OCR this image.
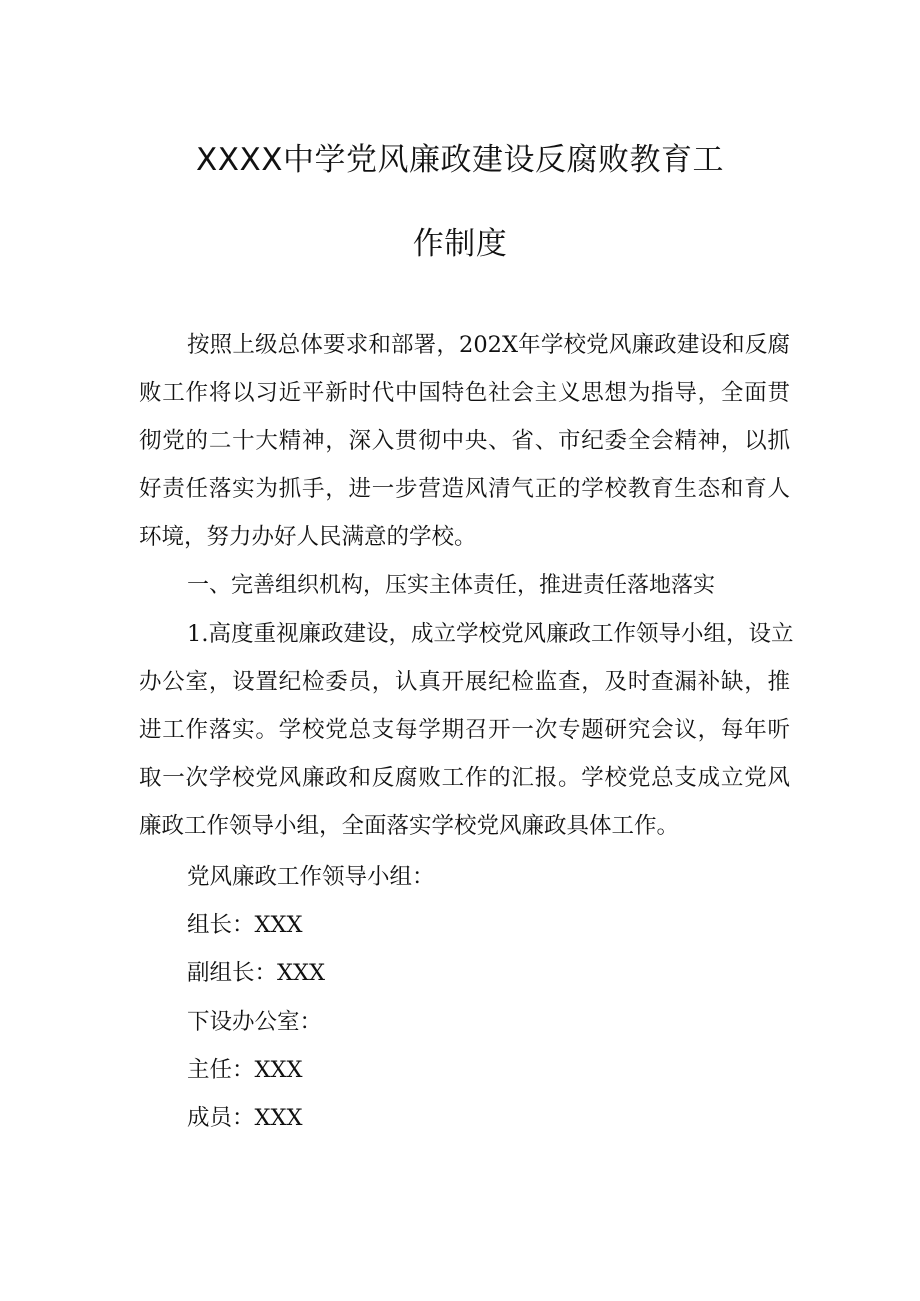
XXXX中学党风廉政建设反腐败教育工
作制度
按照上级总体要求和部署，202X年学校党风廉政建设和反腐
败工作将以习近平新时代中国特色社会主义思想为指导，全面贯
彻党的二十大精神，深入贯彻中央、省、市纪委全会精神，以抓
好责任落实为抓手，进一步营造风清气正的学校教育生态和育人
环境，努力办好人民满意的学校。
一、完善组织机构，压实主体责任，推进责任落地落实
1.高度重视廉政建设，成立学校党风廉政工作领导小组，设立
办公室，设置纪检委员，认真开展纪检监查，及时查漏补缺，推
进工作落实。学校党总支每学期召开一次专题研究会议，每年听
取一次学校党风廉政和反腐败工作的汇报。学校党总支成立党风
廉政工作领导小组，全面落实学校党风廉政具体工作。
党风廉政工作领导小组：
组长：XXX
副组长：XXX
下设办公室：
主任：XXX
成员：XXX
